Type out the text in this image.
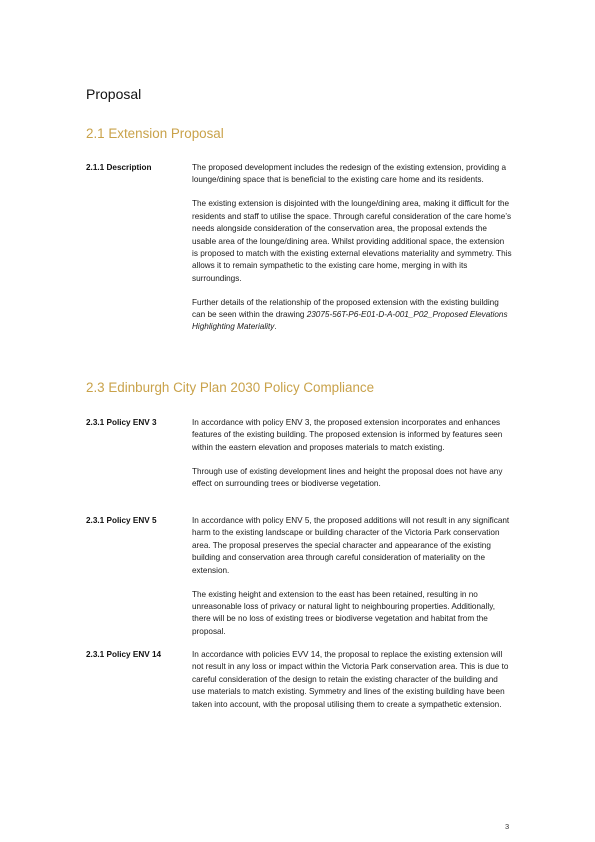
Proposal
2.1 Extension Proposal
2.1.1 Description	The proposed development includes the redesign of the existing extension, providing a lounge/dining space that is beneficial to the existing care home and its residents.

The existing extension is disjointed with the lounge/dining area, making it difficult for the residents and staff to utilise the space. Through careful consideration of the care home’s needs alongside consideration of the conservation area, the proposal extends the usable area of the lounge/dining area. Whilst providing additional space, the extension is proposed to match with the existing external elevations materiality and symmetry. This allows it to remain sympathetic to the existing care home, merging in with its surroundings.

Further details of the relationship of the proposed extension with the existing building can be seen within the drawing 23075-56T-P6-E01-D-A-001_P02_Proposed Elevations Highlighting Materiality.

2.3 Edinburgh City Plan 2030 Policy Compliance
2.3.1 Policy ENV 3	In accordance with policy ENV 3, the proposed extension incorporates and enhances features of the existing building. The proposed extension is informed by features seen within the eastern elevation and proposes materials to match existing.

Through use of existing development lines and height the proposal does not have any effect on surrounding trees or biodiverse vegetation.

2.3.1 Policy ENV 5	In accordance with policy ENV 5, the proposed additions will not result in any significant harm to the existing landscape or building character of the Victoria Park conservation area. The proposal preserves the special character and appearance of the existing building and conservation area through careful consideration of materiality on the extension.

The existing height and extension to the east has been retained, resulting in no unreasonable loss of privacy or natural light to neighbouring properties. Additionally, there will be no loss of existing trees or biodiverse vegetation and habitat from the proposal.

2.3.1 Policy ENV 14	In accordance with policies EVV 14, the proposal to replace the existing extension will not result in any loss or impact within the Victoria Park conservation area. This is due to careful consideration of the design to retain the existing character of the building and use materials to match existing. Symmetry and lines of the existing building have been taken into account, with the proposal utilising them to create a sympathetic extension.

3
